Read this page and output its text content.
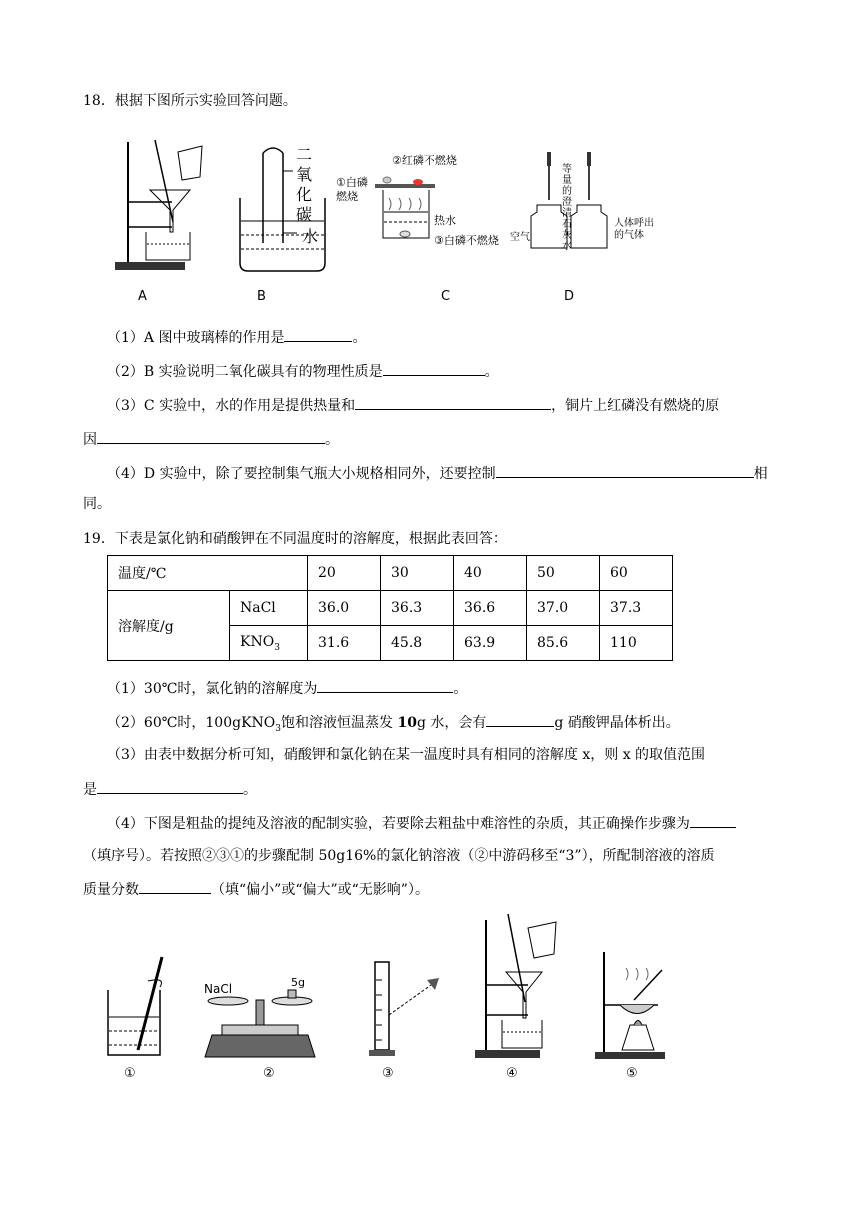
18．根据下图所示实验回答问题。
A
二氧化碳
水
B
②红磷不燃烧
①白磷燃烧
热水
③白磷不燃烧
C
等量的澄清石灰水
空气
人体呼出的气体
D
（1）A 图中玻璃棒的作用是	。
（2）B 实验说明二氧化碳具有的物理性质是	。
（3）C 实验中，水的作用是提供热量和	，铜片上红磷没有燃烧的原
因	。
（4）D 实验中，除了要控制集气瓶大小规格相同外，还要控制	相
同。
19．下表是氯化钠和硝酸钾在不同温度时的溶解度，根据此表回答：
温度/℃		20	30	40	50	60
溶解度/g	NaCl	36.0	36.3	36.6	37.0	37.3
	$KNO_3$	31.6	45.8	63.9	85.6	110
（1）30℃时，氯化钠的溶解度为	。
（2）60℃时，100gKNO$_3$饱和溶液恒温蒸发 10g 水，会有	g 硝酸钾晶体析出。
（3）由表中数据分析可知，硝酸钾和氯化钠在某一温度时具有相同的溶解度 x，则 x 的取值范围
是	。
（4）下图是粗盐的提纯及溶液的配制实验，若要除去粗盐中难溶性的杂质，其正确操作步骤为
（填序号）。若按照②③①的步骤配制 50g16%的氯化钠溶液（②中游码移至“3”），所配制溶液的溶质
质量分数	（填“偏小”或“偏大”或“无影响”）。
①
NaCl	5g
②	③	④	⑤
